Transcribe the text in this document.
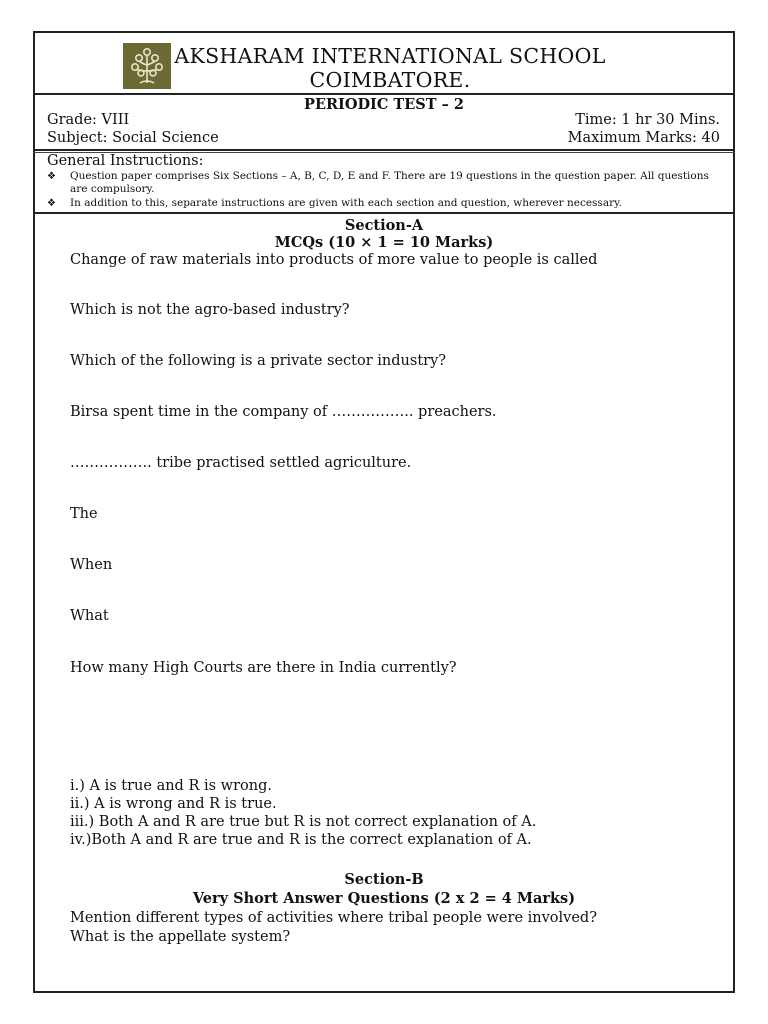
AKSHARAM INTERNATIONAL SCHOOL
COIMBATORE.
PERIODIC TEST – 2
Grade: VIII	Time: 1 hr 30 Mins.
Subject: Social Science	Maximum Marks: 40
General Instructions:
❖ Question paper comprises Six Sections – A, B, C, D, E and F. There are 19 questions in the question paper. All questions are compulsory.
❖ In addition to this, separate instructions are given with each section and question, wherever necessary.
Section-A
MCQs (10 × 1 = 10 Marks)
Change of raw materials into products of more value to people is called
Which is not the agro-based industry?
Which of the following is a private sector industry?
Birsa spent time in the company of …………….. preachers.
…………….. tribe practised settled agriculture.
The
When
What
How many High Courts are there in India currently?
i.) A is true and R is wrong.
ii.) A is wrong and R is true.
iii.) Both A and R are true but R is not correct explanation of A.
iv.)Both A and R are true and R is the correct explanation of A.
Section-B
Very Short Answer Questions (2 x 2 = 4 Marks)
Mention different types of activities where tribal people were involved?
What is the appellate system?
